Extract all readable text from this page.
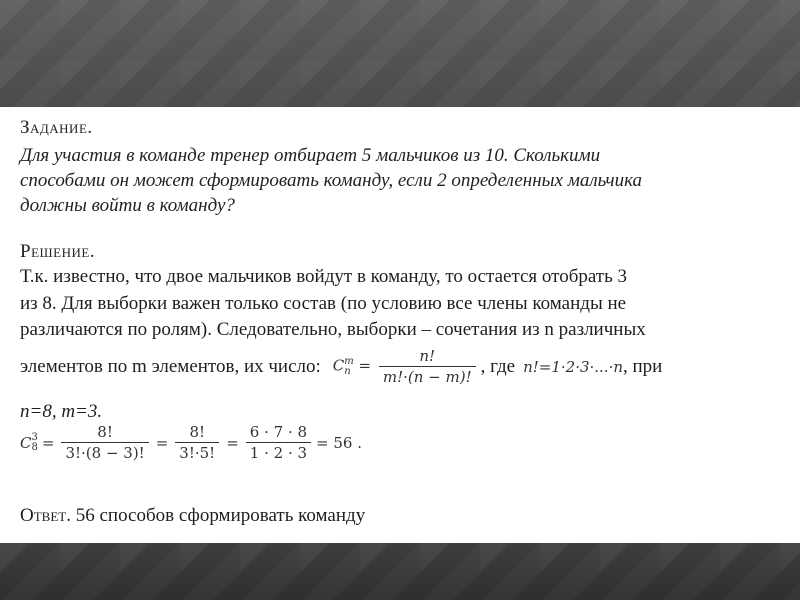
Задание.
Для участия в команде тренер отбирает 5 мальчиков из 10. Сколькими
способами он может сформировать команду, если 2 определенных мальчика
должны войти в команду?
Решение.
Т.к. известно, что двое мальчиков войдут в команду, то остается отобрать 3
из 8. Для выборки важен только состав (по условию все члены команды не
различаются по ролям). Следовательно, выборки – сочетания из n различных
элементов по m элементов, их число: C m
$n = \frac{n!}{m!\cdot(n - m)!}$ , где n!=1·2·3·...·n , при
n=8, m=3.
C 3
$8 = \frac{8!}{3!\cdot(8 - 3)!} = \frac{8!}{3!\cdot 5!} = \frac{6 \cdot 7 \cdot 8}{1 \cdot 2 \cdot 3} = 56$ .
Ответ. 56 способов сформировать команду
